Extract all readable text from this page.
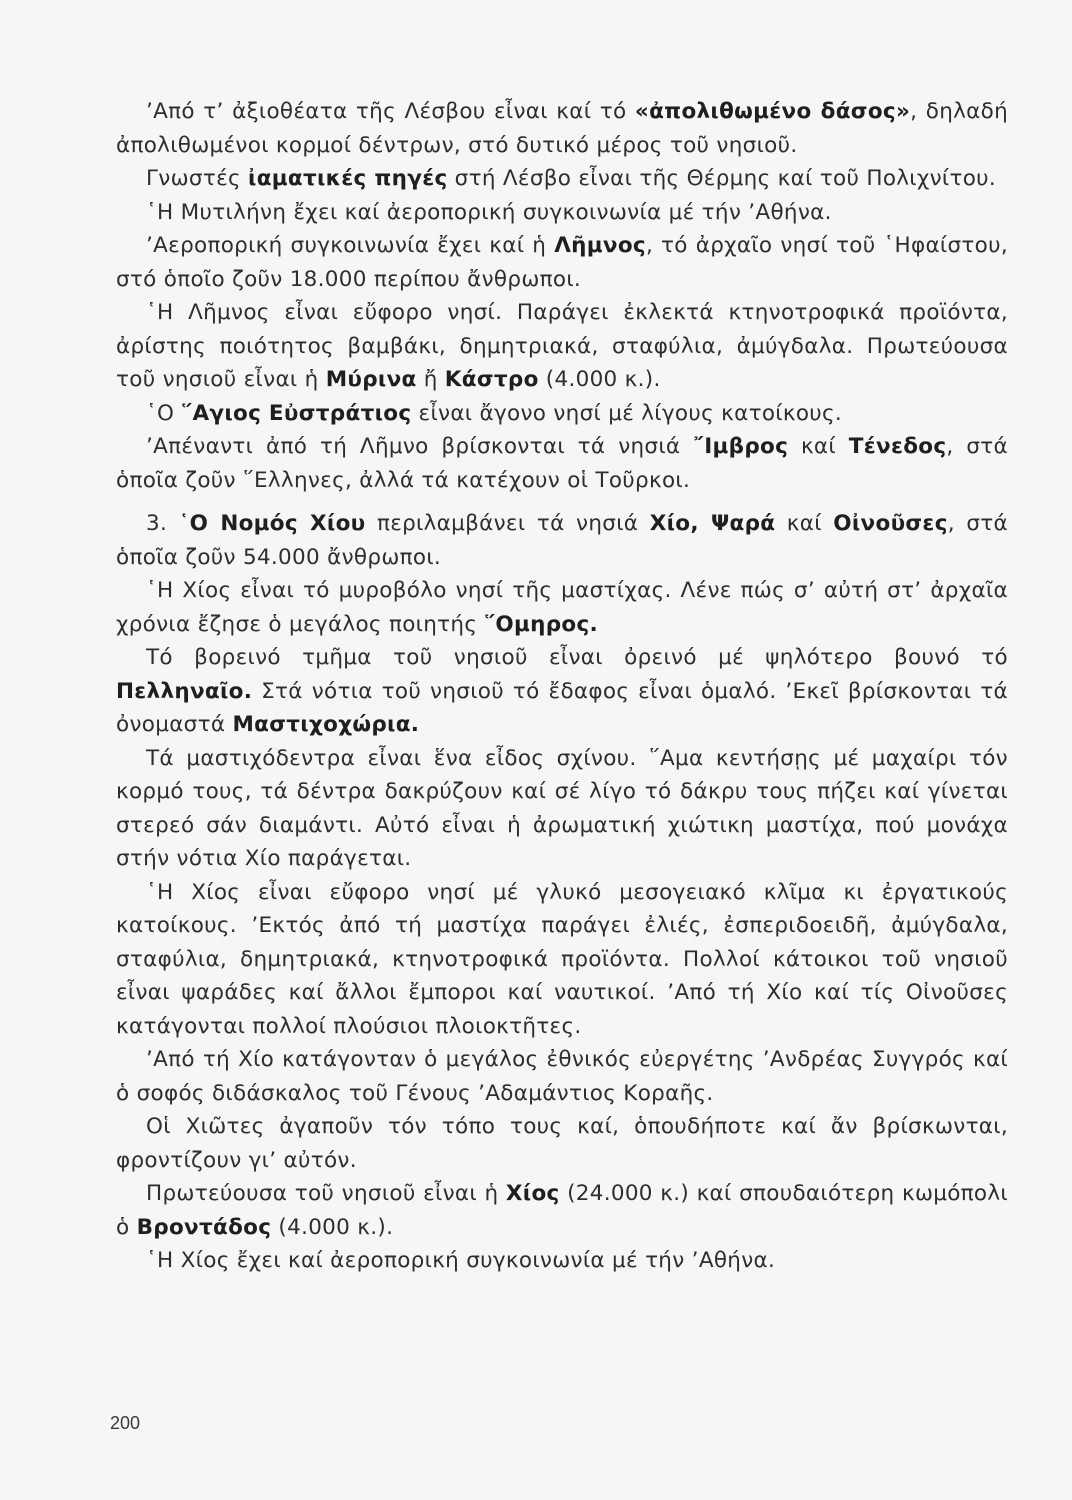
’Από τ’ ἀξιοθέατα τῆς Λέσβου εἶναι καί τό «ἀπολιθωμένο δάσος», δηλαδή ἀπολιθωμένοι κορμοί δέντρων, στό δυτικό μέρος τοῦ νησιοῦ.

Γνωστές ἰαματικές πηγές στή Λέσβο εἶναι τῆς Θέρμης καί τοῦ Πολιχνίτου.

῾Η Μυτιλήνη ἔχει καί ἀεροπορική συγκοινωνία μέ τήν ’Αθήνα.

’Αεροπορική συγκοινωνία ἔχει καί ἡ Λῆμνος, τό ἀρχαῖο νησί τοῦ ῾Ηφαίστου, στό ὁποῖο ζοῦν 18.000 περίπου ἄνθρωποι.

῾Η Λῆμνος εἶναι εὔφορο νησί. Παράγει ἐκλεκτά κτηνοτροφικά προϊόντα, ἀρίστης ποιότητος βαμβάκι, δημητριακά, σταφύλια, ἀμύγδαλα. Πρωτεύουσα τοῦ νησιοῦ εἶναι ἡ Μύρινα ἤ Κάστρο (4.000 κ.).

῾Ο ῞Αγιος Εὐστράτιος εἶναι ἄγονο νησί μέ λίγους κατοίκους.

’Απέναντι ἀπό τή Λῆμνο βρίσκονται τά νησιά ῎Ιμβρος καί Τένεδος, στά ὁποῖα ζοῦν ῞Ελληνες, ἀλλά τά κατέχουν οἱ Τοῦρκοι.

3. ῾Ο Νομός Χίου περιλαμβάνει τά νησιά Χίο, Ψαρά καί Οἰνοῦσες, στά ὁποῖα ζοῦν 54.000 ἄνθρωποι.

῾Η Χίος εἶναι τό μυροβόλο νησί τῆς μαστίχας. Λένε πώς σ’ αὐτή στ’ ἀρχαῖα χρόνια ἔζησε ὁ μεγάλος ποιητής ῞Ομηρος.

Τό βορεινό τμῆμα τοῦ νησιοῦ εἶναι ὀρεινό μέ ψηλότερο βουνό τό Πελληναῖο. Στά νότια τοῦ νησιοῦ τό ἔδαφος εἶναι ὁμαλό. ’Εκεῖ βρίσκονται τά ὀνομαστά Μαστιχοχώρια.

Τά μαστιχόδεντρα εἶναι ἕνα εἶδος σχίνου. ῞Αμα κεντήσῃς μέ μαχαίρι τόν κορμό τους, τά δέντρα δακρύζουν καί σέ λίγο τό δάκρυ τους πήζει καί γίνεται στερεό σάν διαμάντι. Αὐτό εἶναι ἡ ἀρωματική χιώτικη μαστίχα, πού μονάχα στήν νότια Χίο παράγεται.

῾Η Χίος εἶναι εὔφορο νησί μέ γλυκό μεσογειακό κλῖμα κι ἐργατικούς κατοίκους. ’Εκτός ἀπό τή μαστίχα παράγει ἐλιές, ἐσπεριδοειδῆ, ἀμύγδαλα, σταφύλια, δημητριακά, κτηνοτροφικά προϊόντα. Πολλοί κάτοικοι τοῦ νησιοῦ εἶναι ψαράδες καί ἄλλοι ἔμποροι καί ναυτικοί. ’Από τή Χίο καί τίς Οἰνοῦσες κατάγονται πολλοί πλούσιοι πλοιοκτῆτες.

’Από τή Χίο κατάγονταν ὁ μεγάλος ἐθνικός εὐεργέτης ’Ανδρέας Συγγρός καί ὁ σοφός διδάσκαλος τοῦ Γένους ’Αδαμάντιος Κοραῆς.

Οἱ Χιῶτες ἀγαποῦν τόν τόπο τους καί, ὁπουδήποτε καί ἄν βρίσκωνται, φροντίζουν γι’ αὐτόν.

Πρωτεύουσα τοῦ νησιοῦ εἶναι ἡ Χίος (24.000 κ.) καί σπουδαιότερη κωμόπολι ὁ Βροντάδος (4.000 κ.).

῾Η Χίος ἔχει καί ἀεροπορική συγκοινωνία μέ τήν ’Αθήνα.

200
